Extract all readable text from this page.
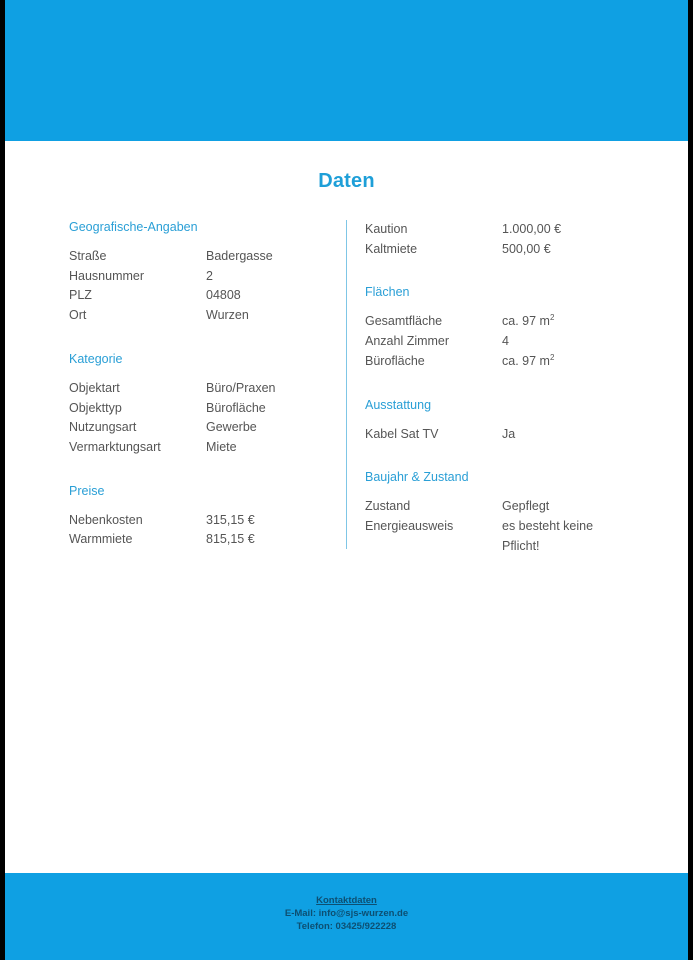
Daten
Geografische-Angaben
Straße	Badergasse
Hausnummer	2
PLZ	04808
Ort	Wurzen
Kategorie
Objektart	Büro/Praxen
Objekttyp	Bürofläche
Nutzungsart	Gewerbe
Vermarktungsart	Miete
Preise
Nebenkosten	315,15 €
Warmmiete	815,15 €
Kaution	1.000,00 €
Kaltmiete	500,00 €
Flächen
Gesamtfläche	ca. 97 $m^2$
Anzahl Zimmer	4
Bürofläche	ca. 97 $m^2$
Ausstattung
Kabel Sat TV	Ja
Baujahr & Zustand
Zustand	Gepflegt
Energieausweis	es besteht keine
Pflicht!
Kontaktdaten
E-Mail: info@sjs-wurzen.de
Telefon: 03425/922228
